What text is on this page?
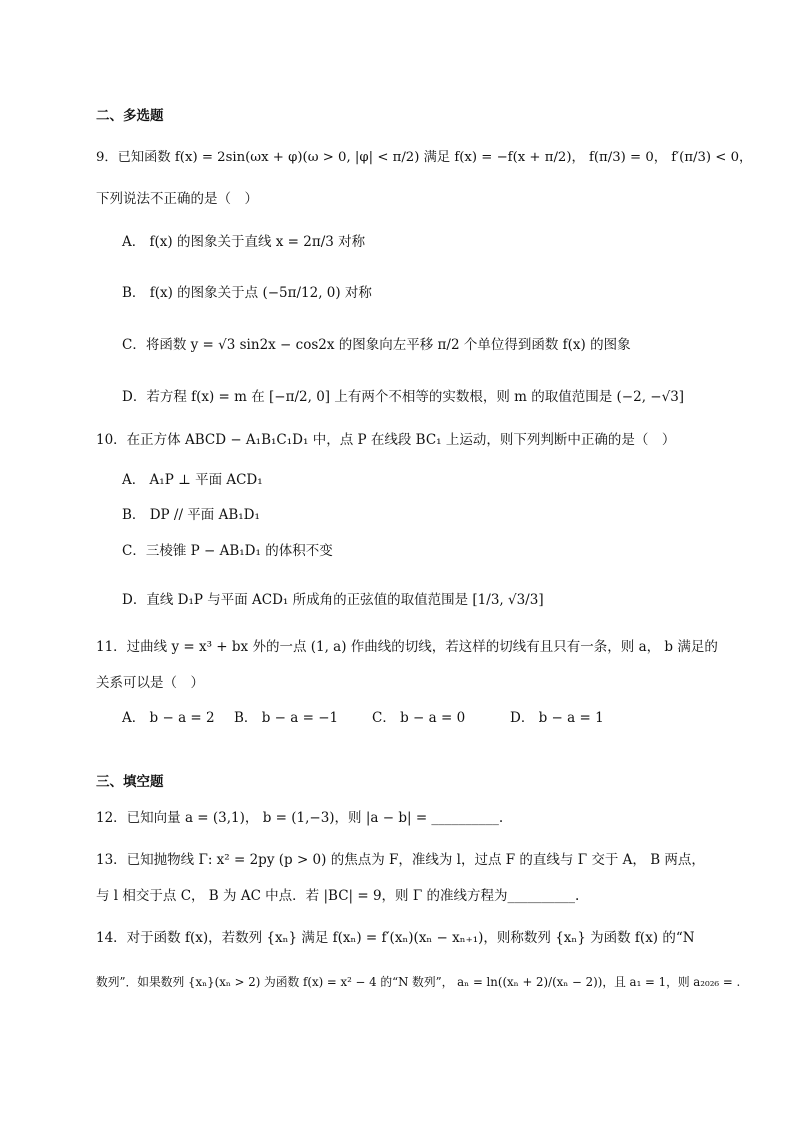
二、多选题
9．已知函数 f(x) = 2sin(ωx + φ)(ω > 0, |φ| < π/2) 满足 f(x) = −f(x + π/2)， f(π/3) = 0， f′(π/3) < 0，
下列说法不正确的是（　）
A． f(x) 的图象关于直线 x = 2π/3 对称
B． f(x) 的图象关于点 (−5π/12, 0) 对称
C．将函数 y = √3 sin2x − cos2x 的图象向左平移 π/2 个单位得到函数 f(x) 的图象
D．若方程 f(x) = m 在 [−π/2, 0] 上有两个不相等的实数根，则 m 的取值范围是 (−2, −√3]
10．在正方体 ABCD − A₁B₁C₁D₁ 中，点 P 在线段 BC₁ 上运动，则下列判断中正确的是（　）
A． A₁P ⊥ 平面 ACD₁
B． DP // 平面 AB₁D₁
C．三棱锥 P − AB₁D₁ 的体积不变
D．直线 D₁P 与平面 ACD₁ 所成角的正弦值的取值范围是 [1/3, √3/3]
11．过曲线 y = x³ + bx 外的一点 (1, a) 作曲线的切线，若这样的切线有且只有一条，则 a， b 满足的
关系可以是（　）
A． b − a = 2	B． b − a = −1	C． b − a = 0	D． b − a = 1
三、填空题
12．已知向量 a = (3,1)， b = (1,−3)，则 |a − b| = __________.
13．已知抛物线 Γ: x² = 2py (p > 0) 的焦点为 F，准线为 l，过点 F 的直线与 Γ 交于 A， B 两点，
与 l 相交于点 C， B 为 AC 中点．若 |BC| = 9，则 Γ 的准线方程为__________.
14．对于函数 f(x)，若数列 {xₙ} 满足 f(xₙ) = f′(xₙ)(xₙ − xₙ₊₁)，则称数列 {xₙ} 为函数 f(x) 的“N
数列”．如果数列 {xₙ}(xₙ > 2) 为函数 f(x) = x² − 4 的“N 数列”， aₙ = ln((xₙ + 2)/(xₙ − 2))，且 a₁ = 1，则 a₂₀₂₆ = .
